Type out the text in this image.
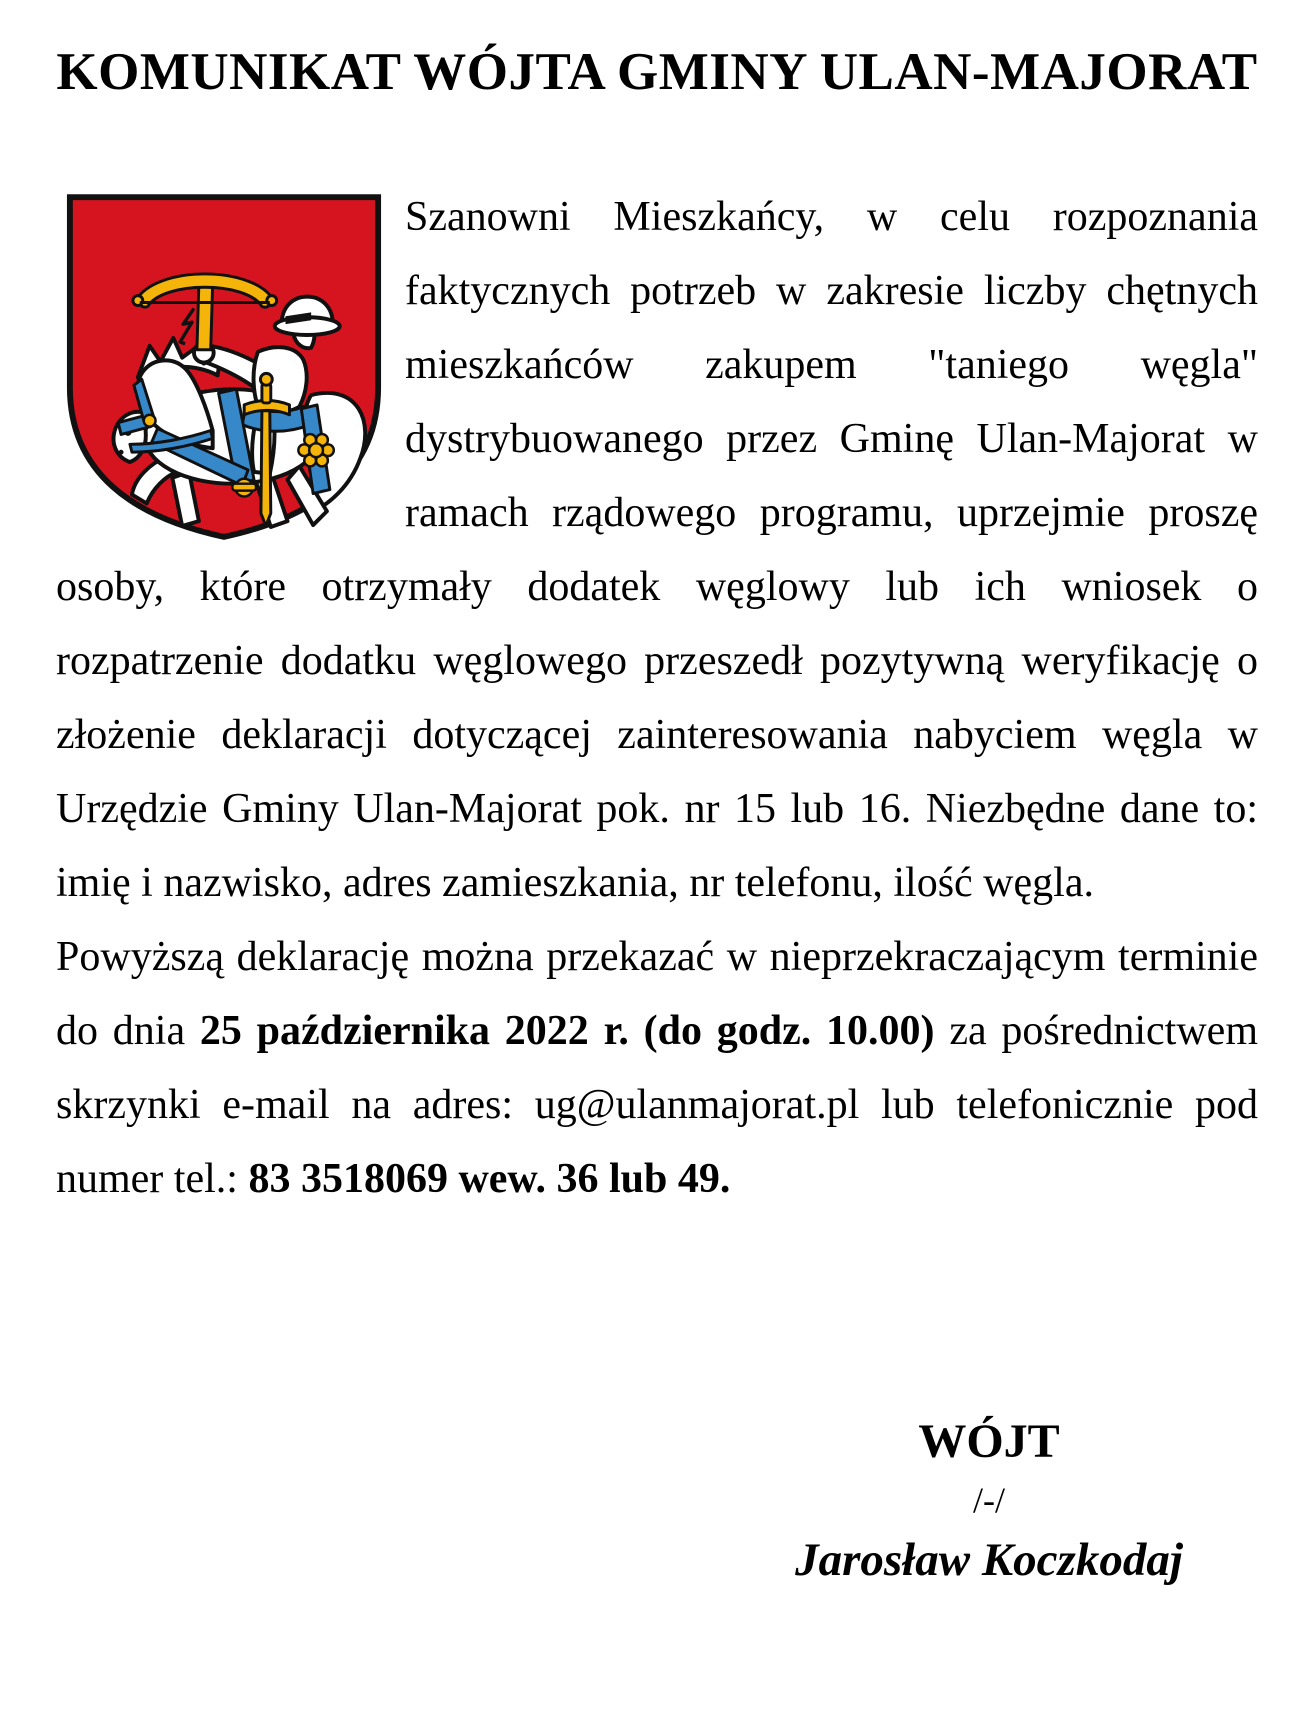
KOMUNIKAT WÓJTA GMINY ULAN-MAJORAT

Szanowni Mieszkańcy, w celu rozpoznania faktycznych potrzeb w zakresie liczby chętnych mieszkańców zakupem "taniego węgla" dystrybuowanego przez Gminę Ulan-Majorat w ramach rządowego programu, uprzejmie proszę osoby, które otrzymały dodatek węglowy lub ich wniosek o rozpatrzenie dodatku węglowego przeszedł pozytywną weryfikację o złożenie deklaracji dotyczącej zainteresowania nabyciem węgla w Urzędzie Gminy Ulan-Majorat pok. nr 15 lub 16. Niezbędne dane to: imię i nazwisko, adres zamieszkania, nr telefonu, ilość węgla.

Powyższą deklarację można przekazać w nieprzekraczającym terminie do dnia 25 października 2022 r. (do godz. 10.00) za pośrednictwem skrzynki e-mail na adres: ug@ulanmajorat.pl lub telefonicznie pod numer tel.: 83 3518069 wew. 36 lub 49.

WÓJT
/-/
Jarosław Koczkodaj
